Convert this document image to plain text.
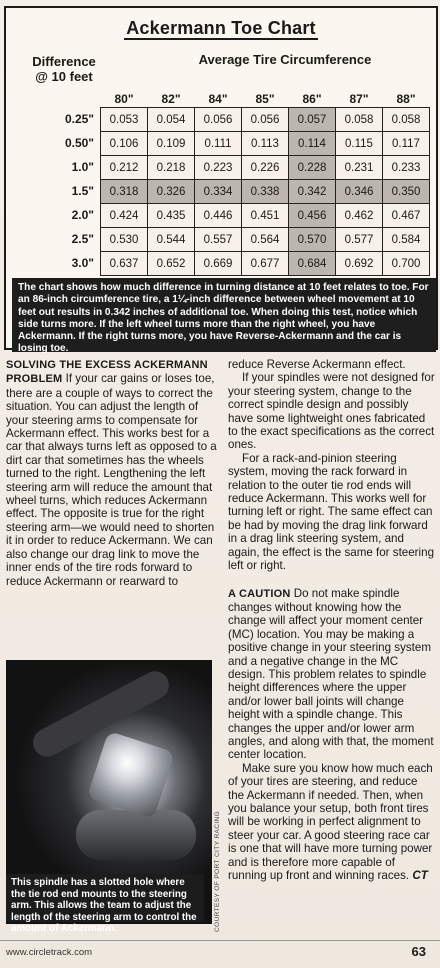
Ackermann Toe Chart
Average Tire Circumference
Difference
@ 10 feet
	80"	82"	84"	85"	86"	87"	88"

0.25"	0.053	0.054	0.056	0.056	0.057	0.058	0.058

0.50"	0.106	0.109	0.111	0.113	0.114	0.115	0.117

1.0"	0.212	0.218	0.223	0.226	0.228	0.231	0.233

1.5"	0.318	0.326	0.334	0.338	0.342	0.346	0.350

2.0"	0.424	0.435	0.446	0.451	0.456	0.462	0.467

2.5"	0.530	0.544	0.557	0.564	0.570	0.577	0.584

3.0"	0.637	0.652	0.669	0.677	0.684	0.692	0.700
The chart shows how much difference in turning distance at 10 feet relates to toe. For an 86-inch circumference tire, a 1¼-inch difference between wheel movement at 10 feet out results in 0.342 inches of additional toe. When doing this test, notice which side turns more. If the left wheel turns more than the right wheel, you have Ackermann. If the right turns more, you have Reverse-Ackermann and the car is losing toe.

SOLVING THE EXCESS ACKERMANN PROBLEM If your car gains or loses toe, there are a couple of ways to correct the situation. You can adjust the length of your steering arms to compensate for Ackermann effect. This works best for a car that always turns left as opposed to a dirt car that sometimes has the wheels turned to the right. Lengthening the left steering arm will reduce the amount that wheel turns, which reduces Ackermann effect. The opposite is true for the right steering arm—we would need to shorten it in order to reduce Ackermann. We can also change our drag link to move the inner ends of the tire rods forward to reduce Ackermann or rearward to

This spindle has a slotted hole where the tie rod end mounts to the steering arm. This allows the team to adjust the length of the steering arm to control the amount of Ackermann.	COURTESY OF PORT CITY RACING

reduce Reverse Ackermann effect.

If your spindles were not designed for your steering system, change to the correct spindle design and possibly have some lightweight ones fabricated to the exact specifications as the correct ones.

For a rack-and-pinion steering system, moving the rack forward in relation to the outer tie rod ends will reduce Ackermann. This works well for turning left or right. The same effect can be had by moving the drag link forward in a drag link steering system, and again, the effect is the same for steering left or right.

A CAUTION Do not make spindle changes without knowing how the change will affect your moment center (MC) location. You may be making a positive change in your steering system and a negative change in the MC design. This problem relates to spindle height differences where the upper and/or lower ball joints will change height with a spindle change. This changes the upper and/or lower arm angles, and along with that, the moment center location.

Make sure you know how much each of your tires are steering, and reduce the Ackermann if needed. Then, when you balance your setup, both front tires will be working in perfect alignment to steer your car. A good steering race car is one that will have more turning power and is therefore more capable of running up front and winning races. CT

www.circletrack.com	63
